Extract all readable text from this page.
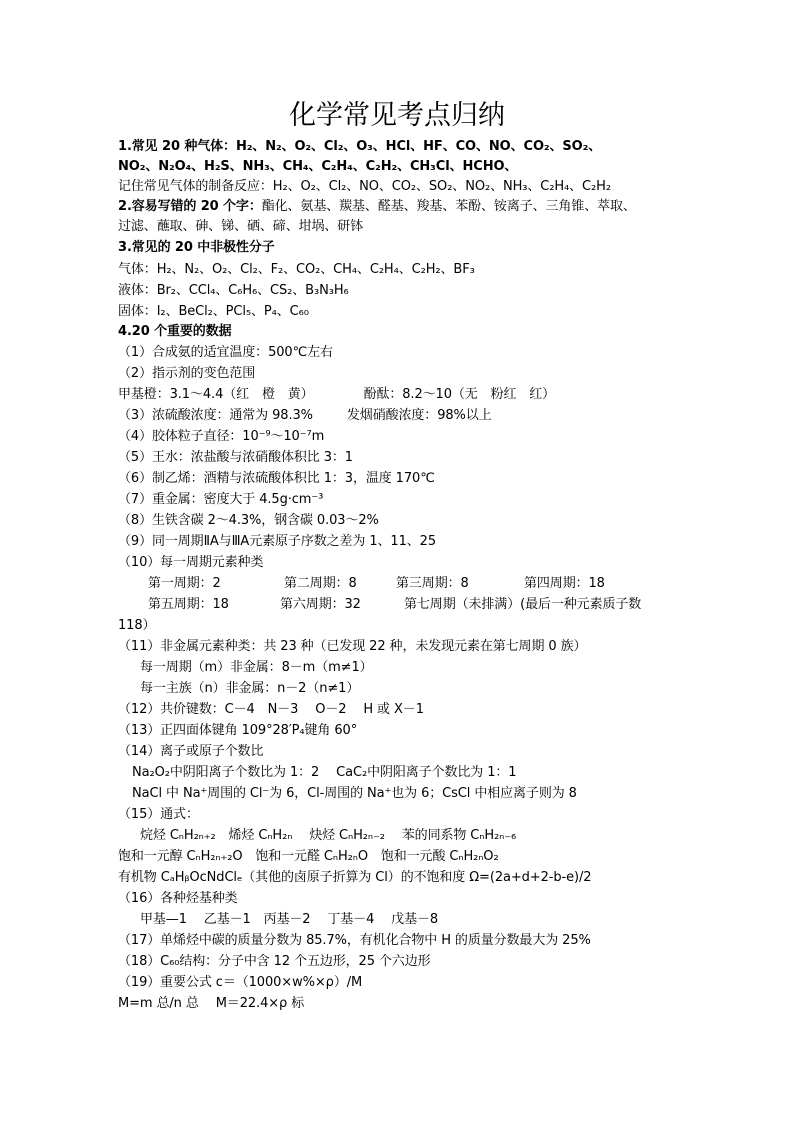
化学常见考点归纳
1.常见 20 种气体：H₂、N₂、O₂、Cl₂、O₃、HCl、HF、CO、NO、CO₂、SO₂、
NO₂、N₂O₄、H₂S、NH₃、CH₄、C₂H₄、C₂H₂、CH₃Cl、HCHO、
记住常见气体的制备反应：H₂、O₂、Cl₂、NO、CO₂、SO₂、NO₂、NH₃、C₂H₄、C₂H₂
2.容易写错的 20 个字：酯化、氨基、羰基、醛基、羧基、苯酚、铵离子、三角锥、萃取、
过滤、蘸取、砷、锑、硒、碲、坩埚、研钵
3.常见的 20 中非极性分子
气体：H₂、N₂、O₂、Cl₂、F₂、CO₂、CH₄、C₂H₄、C₂H₂、BF₃
液体：Br₂、CCl₄、C₆H₆、CS₂、B₃N₃H₆
固体：I₂、BeCl₂、PCl₅、P₄、C₆₀
4.20 个重要的数据
（1）合成氨的适宜温度：500℃左右
（2）指示剂的变色范围
甲基橙：3.1～4.4（红　橙　黄）	酚酞：8.2～10（无　粉红　红）
（3）浓硫酸浓度：通常为 98.3%	发烟硝酸浓度：98%以上
（4）胶体粒子直径：10⁻⁹～10⁻⁷m
（5）王水：浓盐酸与浓硝酸体积比 3：1
（6）制乙烯：酒精与浓硫酸体积比 1：3，温度 170℃
（7）重金属：密度大于 4.5g·cm⁻³
（8）生铁含碳 2～4.3%，钢含碳 0.03～2%
（9）同一周期ⅡA与ⅢA元素原子序数之差为 1、11、25
（10）每一周期元素种类
第一周期：2	第二周期：8	第三周期：8	第四周期：18
第五周期：18	第六周期：32	第七周期（未排满）(最后一种元素质子数
118）
（11）非金属元素种类：共 23 种（已发现 22 种，未发现元素在第七周期 0 族）
每一周期（m）非金属：8－m（m≠1）
每一主族（n）非金属：n－2（n≠1）
（12）共价键数：C－4　N－3　 O－2　 H 或 X－1
（13）正四面体键角 109°28′P₄键角 60°
（14）离子或原子个数比
Na₂O₂中阴阳离子个数比为 1：2　 CaC₂中阴阳离子个数比为 1：1
NaCl 中 Na⁺周围的 Cl⁻为 6，Cl-周围的 Na⁺也为 6；CsCl 中相应离子则为 8
（15）通式：
烷烃 CₙH₂ₙ₊₂　烯烃 CₙH₂ₙ　 炔烃 CₙH₂ₙ₋₂　 苯的同系物 CₙH₂ₙ₋₆
饱和一元醇 CₙH₂ₙ₊₂O　饱和一元醛 CₙH₂ₙO　饱和一元酸 CₙH₂ₙO₂
有机物 CₐHᵦOcNdClₑ（其他的卤原子折算为 Cl）的不饱和度 Ω=(2a+d+2-b-e)/2
（16）各种烃基种类
甲基—1　 乙基－1　丙基－2　 丁基－4　 戊基－8
（17）单烯烃中碳的质量分数为 85.7%，有机化合物中 H 的质量分数最大为 25%
（18）C₆₀结构：分子中含 12 个五边形，25 个六边形
（19）重要公式 c＝（1000×w%×ρ）/M
M=m 总/n 总　 M＝22.4×ρ 标
